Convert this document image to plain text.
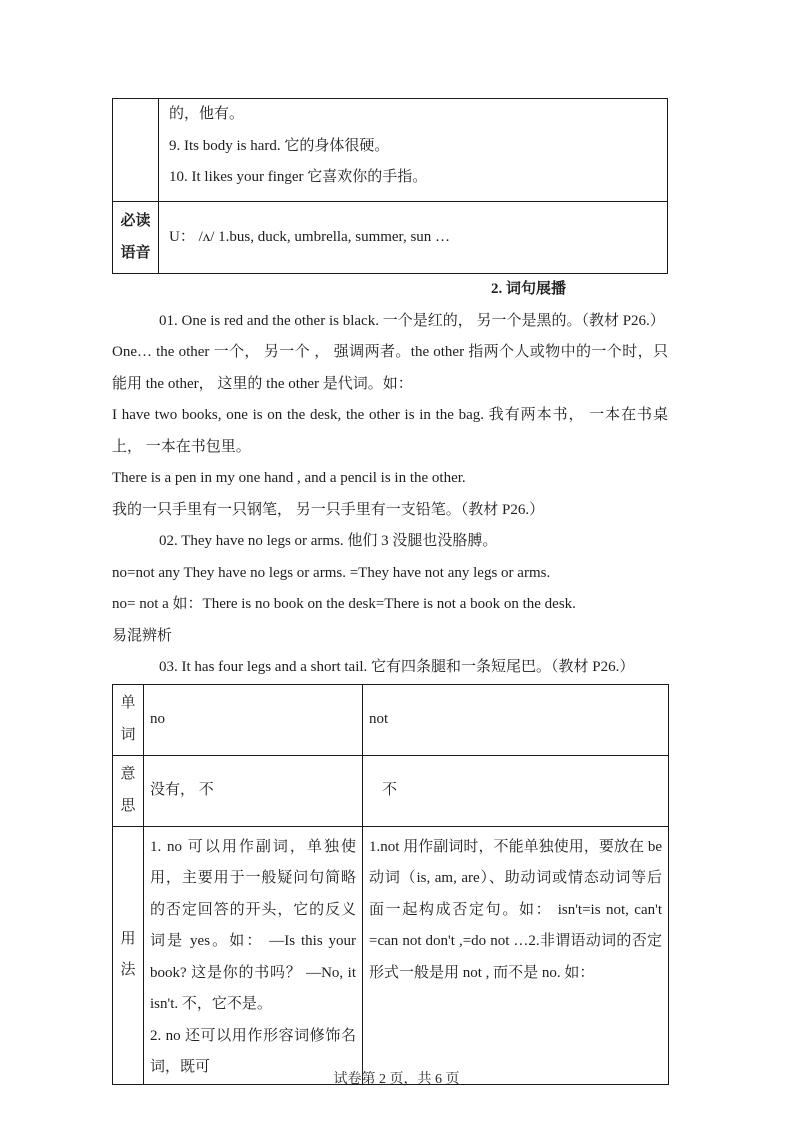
	的，他有。

9. Its body is hard. 它的身体很硬。

10. It likes your finger 它喜欢你的手指。

必读语音	U： /ʌ/ 1.bus, duck, umbrella, summer, sun …
2. 词句展播

01. One is red and the other is black. 一个是红的， 另一个是黑的。（教材 P26.）

One… the other 一个， 另一个 ， 强调两者。the other 指两个人或物中的一个时，只能用 the other， 这里的 the other 是代词。如：

I have two books, one is on the desk, the other is in the bag. 我有两本书， 一本在书桌上， 一本在书包里。

There is a pen in my one hand , and a pencil is in the other.

我的一只手里有一只钢笔， 另一只手里有一支铅笔。（教材 P26.）

02. They have no legs or arms. 他们 3 没腿也没胳膊。

no=not any They have no legs or arms. =They have not any legs or arms.

no= not a 如：There is no book on the desk=There is not a book on the desk.

易混辨析

03. It has four legs and a short tail. 它有四条腿和一条短尾巴。（教材 P26.）

单词	no	not

意思	没有， 不	不

用法	1. no 可以用作副词，单独使用，主要用于一般疑问句简略的否定回答的开头，它的反义词是 yes。如： —Is this your book? 这是你的书吗？ —No, it isn't. 不，它不是。

2. no 还可以用作形容词修饰名词，既可	1.not 用作副词时，不能单独使用，要放在 be 动词（is, am, are）、助动词或情态动词等后面一起构成否定句。如： isn't=is not, can't =can not don't ,=do not …2.非谓语动词的否定形式一般是用 not , 而不是 no. 如：

试卷第 2 页，共 6 页
